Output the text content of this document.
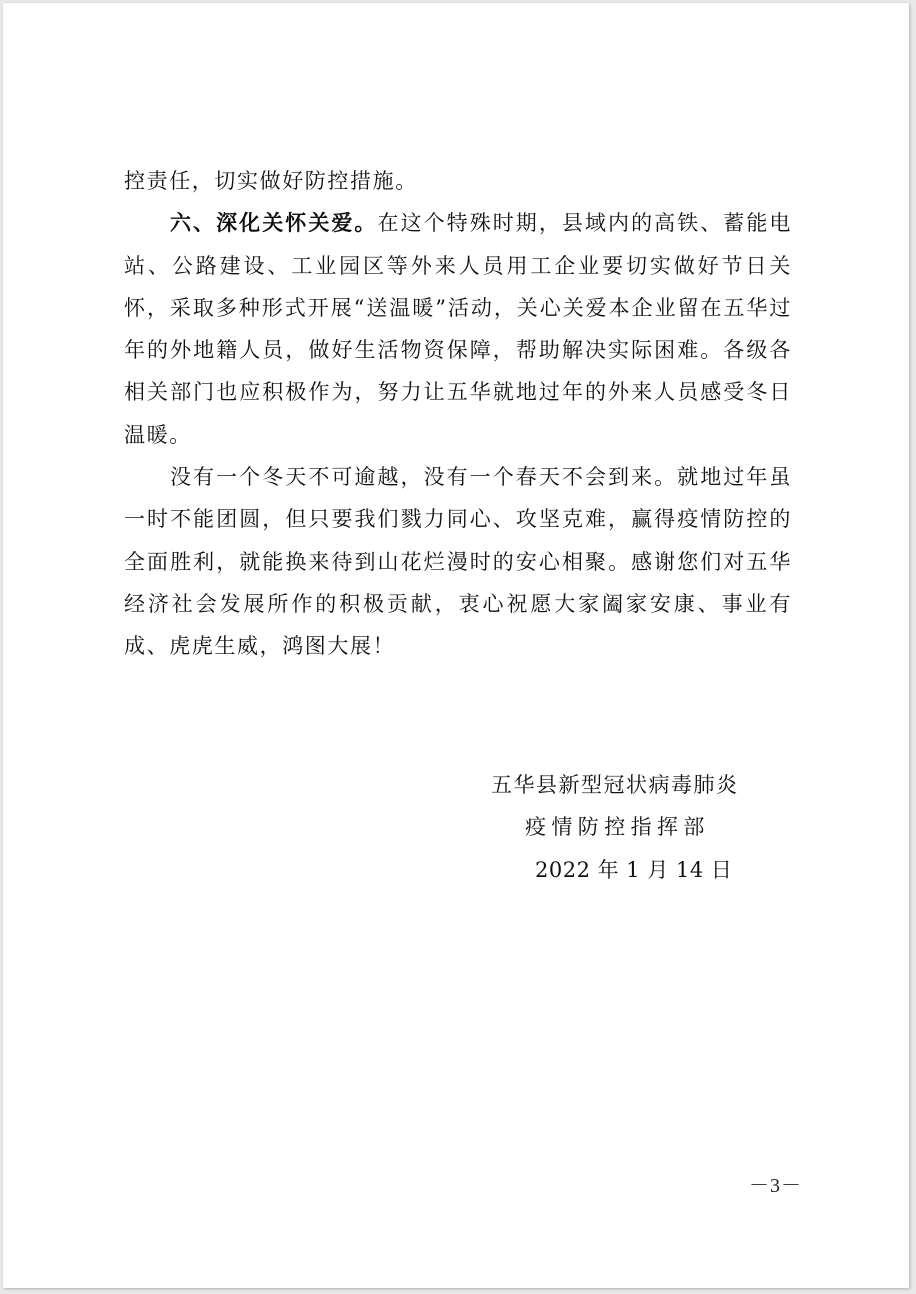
控责任，切实做好防控措施。

六、深化关怀关爱。在这个特殊时期，县域内的高铁、蓄能电站、公路建设、工业园区等外来人员用工企业要切实做好节日关怀，采取多种形式开展“送温暖”活动，关心关爱本企业留在五华过年的外地籍人员，做好生活物资保障，帮助解决实际困难。各级各相关部门也应积极作为，努力让五华就地过年的外来人员感受冬日温暖。

没有一个冬天不可逾越，没有一个春天不会到来。就地过年虽一时不能团圆，但只要我们戮力同心、攻坚克难，赢得疫情防控的全面胜利，就能换来待到山花烂漫时的安心相聚。感谢您们对五华经济社会发展所作的积极贡献，衷心祝愿大家阖家安康、事业有成、虎虎生威，鸿图大展！

五华县新型冠状病毒肺炎
疫情防控指挥部
2022 年 1 月 14 日
－3－
